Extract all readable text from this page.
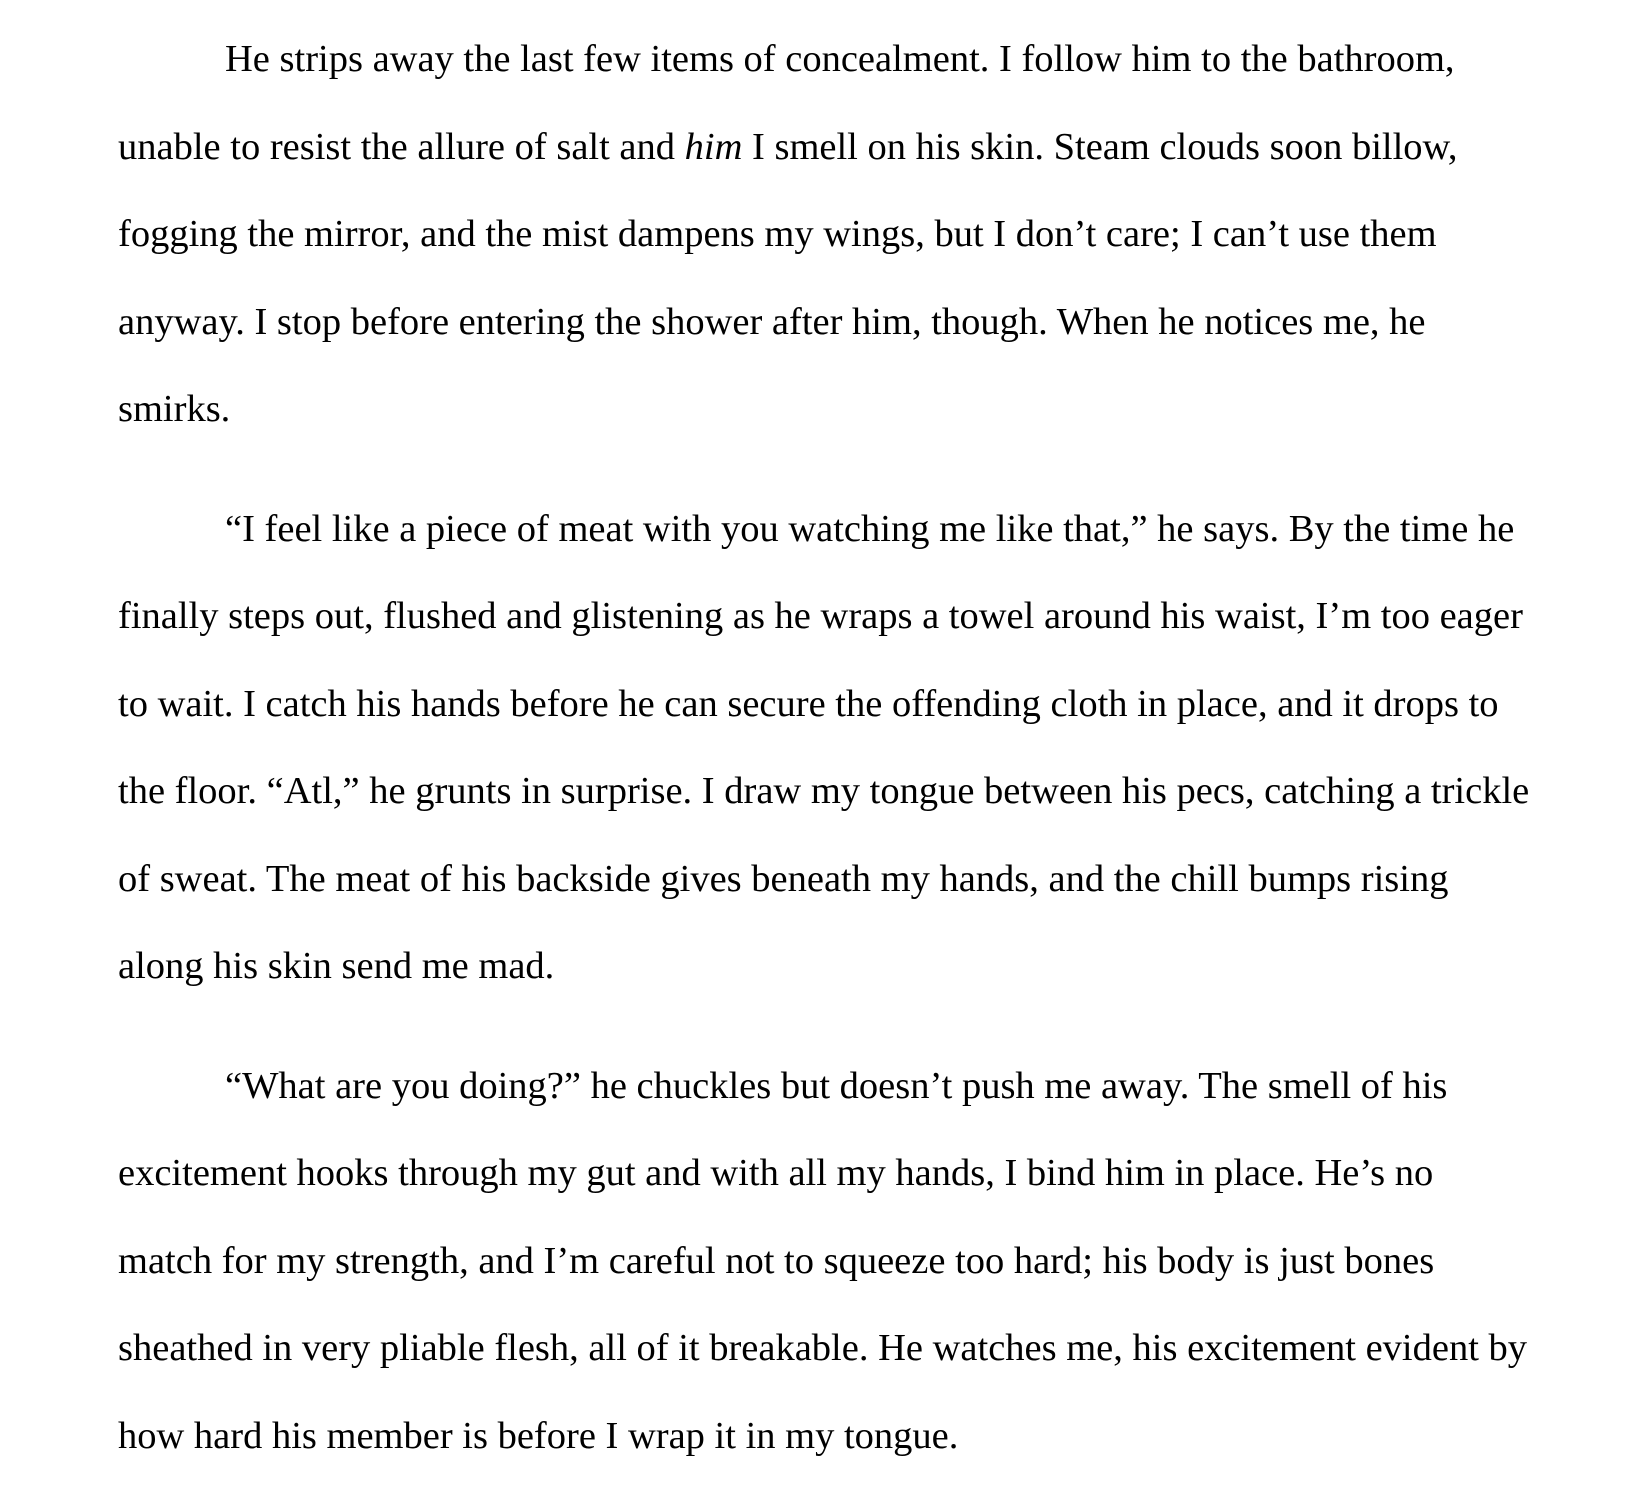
He strips away the last few items of concealment. I follow him to the bathroom,
unable to resist the allure of salt and him I smell on his skin. Steam clouds soon billow,
fogging the mirror, and the mist dampens my wings, but I don’t care; I can’t use them
anyway. I stop before entering the shower after him, though. When he notices me, he
smirks.
“I feel like a piece of meat with you watching me like that,” he says. By the time he
finally steps out, flushed and glistening as he wraps a towel around his waist, I’m too eager
to wait. I catch his hands before he can secure the offending cloth in place, and it drops to
the floor. “Atl,” he grunts in surprise. I draw my tongue between his pecs, catching a trickle
of sweat. The meat of his backside gives beneath my hands, and the chill bumps rising
along his skin send me mad.
“What are you doing?” he chuckles but doesn’t push me away. The smell of his
excitement hooks through my gut and with all my hands, I bind him in place. He’s no
match for my strength, and I’m careful not to squeeze too hard; his body is just bones
sheathed in very pliable flesh, all of it breakable. He watches me, his excitement evident by
how hard his member is before I wrap it in my tongue.
